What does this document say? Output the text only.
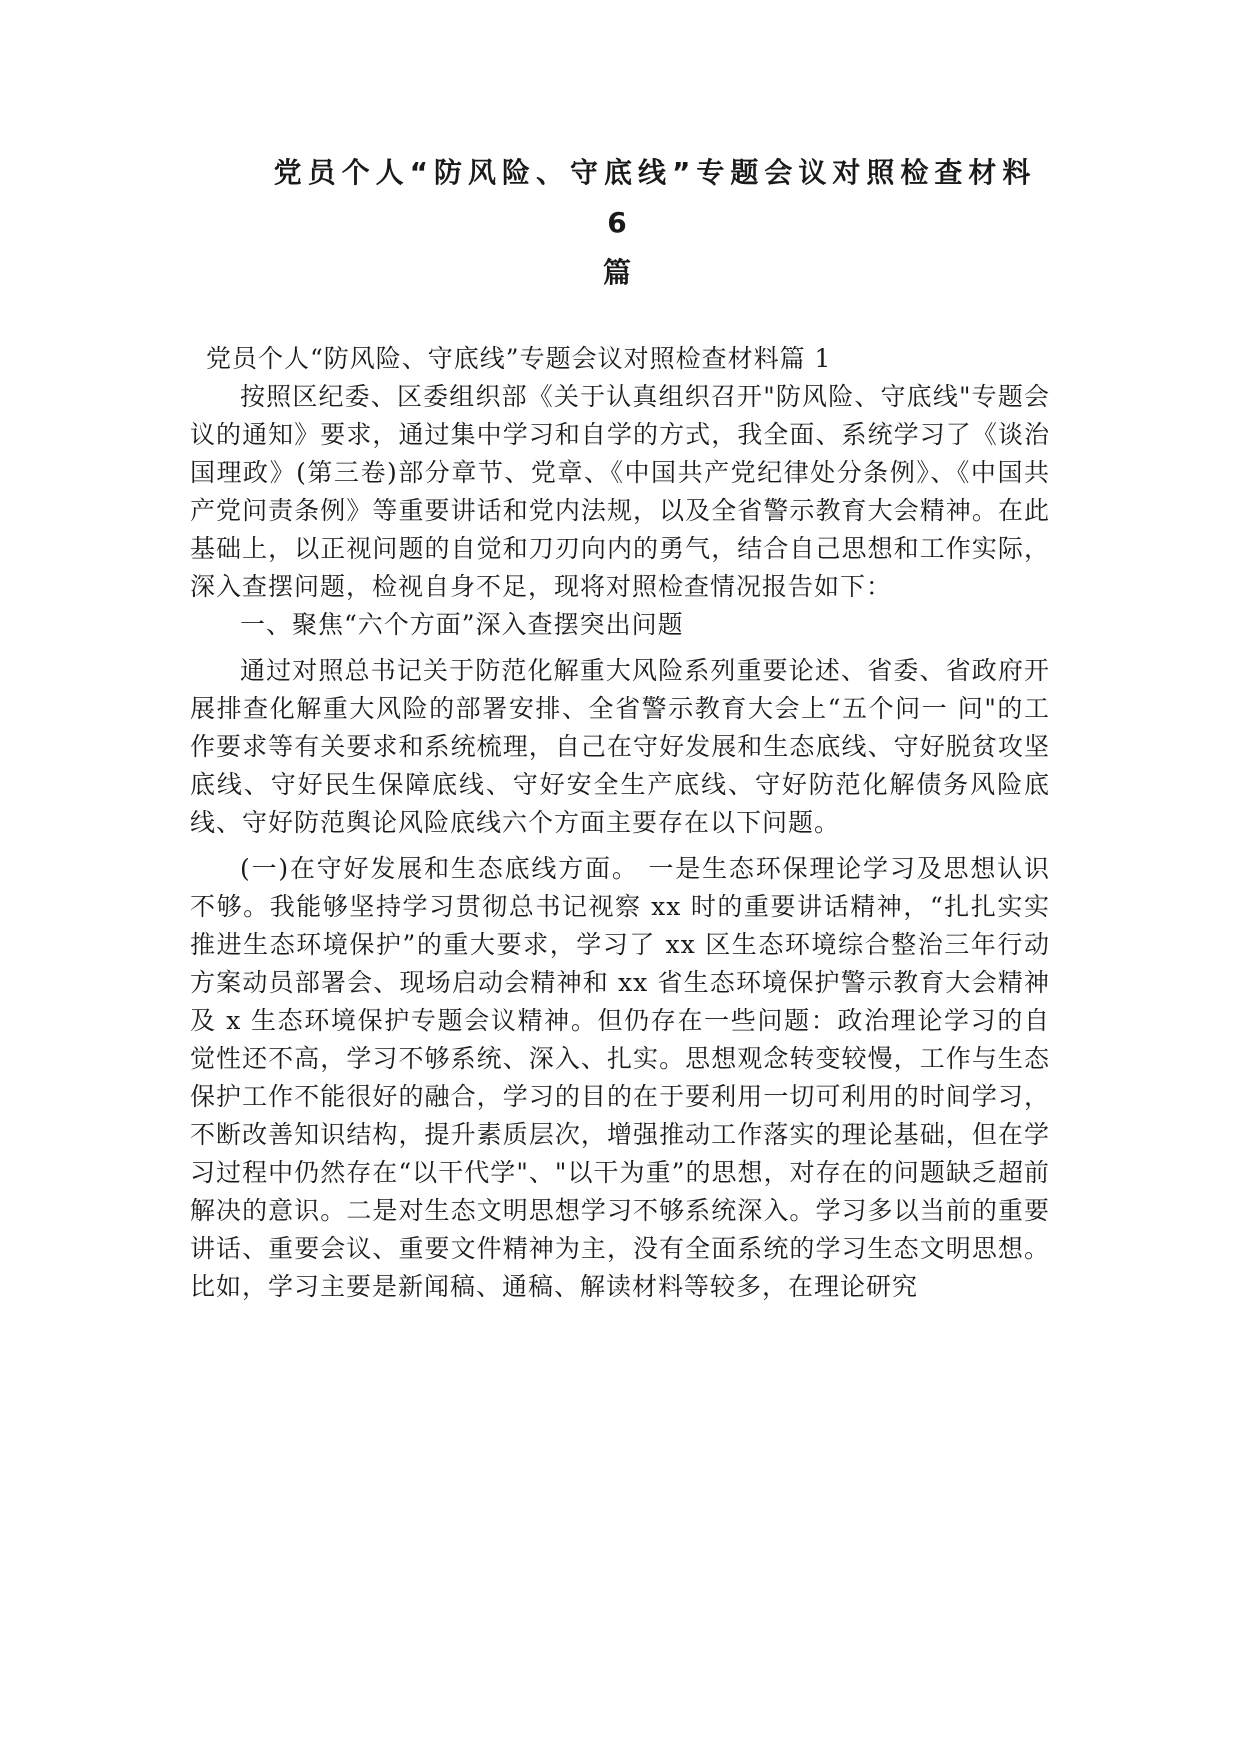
党员个人“防风险、守底线”专题会议对照检查材料 6
篇

党员个人“防风险、守底线”专题会议对照检查材料篇 1

按照区纪委、区委组织部《关于认真组织召开"防风险、守底线"专题会议的通知》要求，通过集中学习和自学的方式，我全面、系统学习了《谈治国理政》(第三卷)部分章节、党章、《中国共产党纪律处分条例》、《中国共产党问责条例》等重要讲话和党内法规，以及全省警示教育大会精神。在此基础上，以正视问题的自觉和刀刃向内的勇气，结合自己思想和工作实际，深入查摆问题，检视自身不足，现将对照检查情况报告如下：

一、聚焦“六个方面”深入查摆突出问题

通过对照总书记关于防范化解重大风险系列重要论述、省委、省政府开展排查化解重大风险的部署安排、全省警示教育大会上“五个问一 问"的工作要求等有关要求和系统梳理，自己在守好发展和生态底线、守好脱贫攻坚底线、守好民生保障底线、守好安全生产底线、守好防范化解债务风险底线、守好防范舆论风险底线六个方面主要存在以下问题。

(一)在守好发展和生态底线方面。 一是生态环保理论学习及思想认识不够。我能够坚持学习贯彻总书记视察 xx 时的重要讲话精神，“扎扎实实推进生态环境保护”的重大要求，学习了 xx 区生态环境综合整治三年行动方案动员部署会、现场启动会精神和 xx 省生态环境保护警示教育大会精神及 x 生态环境保护专题会议精神。但仍存在一些问题：政治理论学习的自觉性还不高，学习不够系统、深入、扎实。思想观念转变较慢，工作与生态保护工作不能很好的融合，学习的目的在于要利用一切可利用的时间学习，不断改善知识结构，提升素质层次，增强推动工作落实的理论基础，但在学习过程中仍然存在“以干代学"、"以干为重”的思想，对存在的问题缺乏超前解决的意识。二是对生态文明思想学习不够系统深入。学习多以当前的重要讲话、重要会议、重要文件精神为主，没有全面系统的学习生态文明思想。比如，学习主要是新闻稿、通稿、解读材料等较多，在理论研究
